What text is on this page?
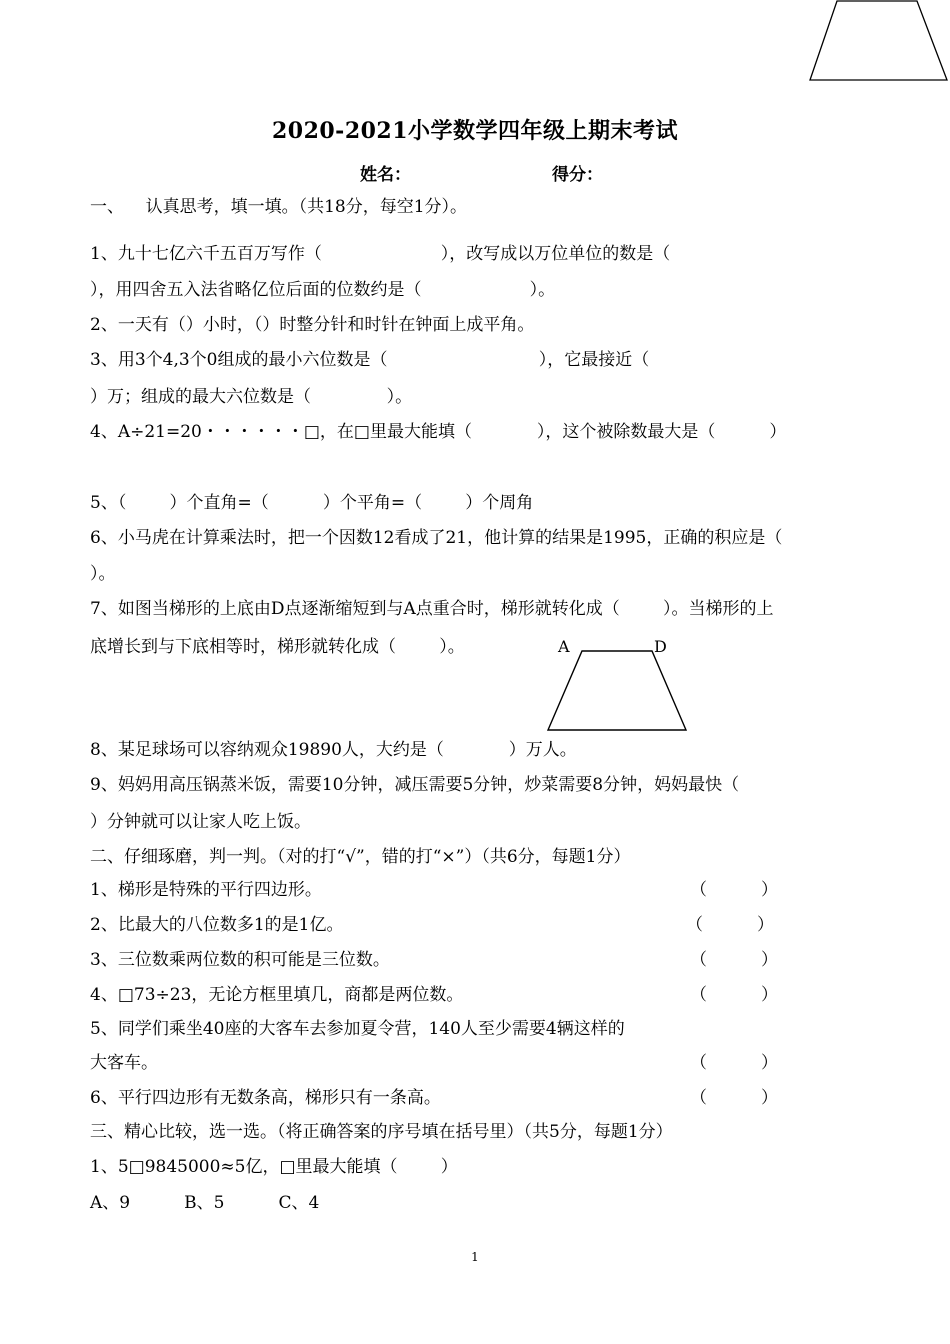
2020-2021小学数学四年级上期末考试
姓名：	得分：
一、    认真思考，填一填。（共18分，每空1分）。
1、九十七亿六千五百万写作（                      ），改写成以万位单位的数是（
），用四舍五入法省略亿位后面的位数约是（                    ）。
2、一天有（）小时，（）时整分针和时针在钟面上成平角。
3、用3个4,3个0组成的最小六位数是（                            ），它最接近（
）万；组成的最大六位数是（              ）。
4、A÷21=20・・・・・・□，在□里最大能填（            ），这个被除数最大是（          ）
5、（        ）个直角=（          ）个平角=（        ）个周角
6、小马虎在计算乘法时，把一个因数12看成了21，他计算的结果是1995，正确的积应是（
）。
7、如图当梯形的上底由D点逐渐缩短到与A点重合时，梯形就转化成（        ）。当梯形的上
底增长到与下底相等时，梯形就转化成（        ）。	A	D
8、某足球场可以容纳观众19890人，大约是（            ）万人。
9、妈妈用高压锅蒸米饭，需要10分钟，减压需要5分钟，炒菜需要8分钟，妈妈最快（
）分钟就可以让家人吃上饭。
二、仔细琢磨，判一判。（对的打“√”，错的打“×”）（共6分，每题1分）
1、梯形是特殊的平行四边形。	（          ）
2、比最大的八位数多1的是1亿。	（          ）
3、三位数乘两位数的积可能是三位数。	（          ）
4、□73÷23，无论方框里填几，商都是两位数。	（          ）
5、同学们乘坐40座的大客车去参加夏令营，140人至少需要4辆这样的
大客车。	（          ）
6、平行四边形有无数条高，梯形只有一条高。	（          ）
三、精心比较，选一选。（将正确答案的序号填在括号里）（共5分，每题1分）
1、5□9845000≈5亿，□里最大能填（        ）
A、9          B、5          C、4
1
